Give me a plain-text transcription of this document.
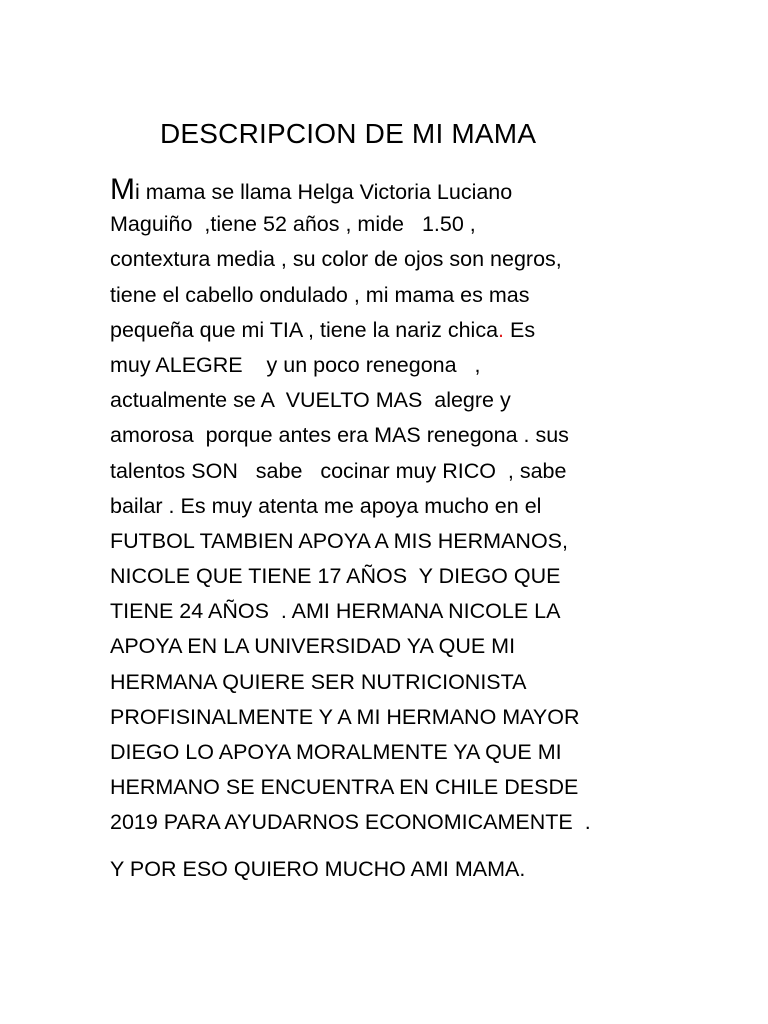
DESCRIPCION DE MI MAMA
Mi mama se llama Helga Victoria Luciano
Maguiño  ,tiene 52 años , mide   1.50 ,
contextura media , su color de ojos son negros,
tiene el cabello ondulado , mi mama es mas
pequeña que mi TIA , tiene la nariz chica. Es
muy ALEGRE    y un poco renegona   ,
actualmente se A  VUELTO MAS  alegre y
amorosa  porque antes era MAS renegona . sus
talentos SON   sabe   cocinar muy RICO  , sabe
bailar . Es muy atenta me apoya mucho en el
FUTBOL TAMBIEN APOYA A MIS HERMANOS,
NICOLE QUE TIENE 17 AÑOS  Y DIEGO QUE
TIENE 24 AÑOS  . AMI HERMANA NICOLE LA
APOYA EN LA UNIVERSIDAD YA QUE MI
HERMANA QUIERE SER NUTRICIONISTA
PROFISINALMENTE Y A MI HERMANO MAYOR
DIEGO LO APOYA MORALMENTE YA QUE MI
HERMANO SE ENCUENTRA EN CHILE DESDE
2019 PARA AYUDARNOS ECONOMICAMENTE  .
Y POR ESO QUIERO MUCHO AMI MAMA.
